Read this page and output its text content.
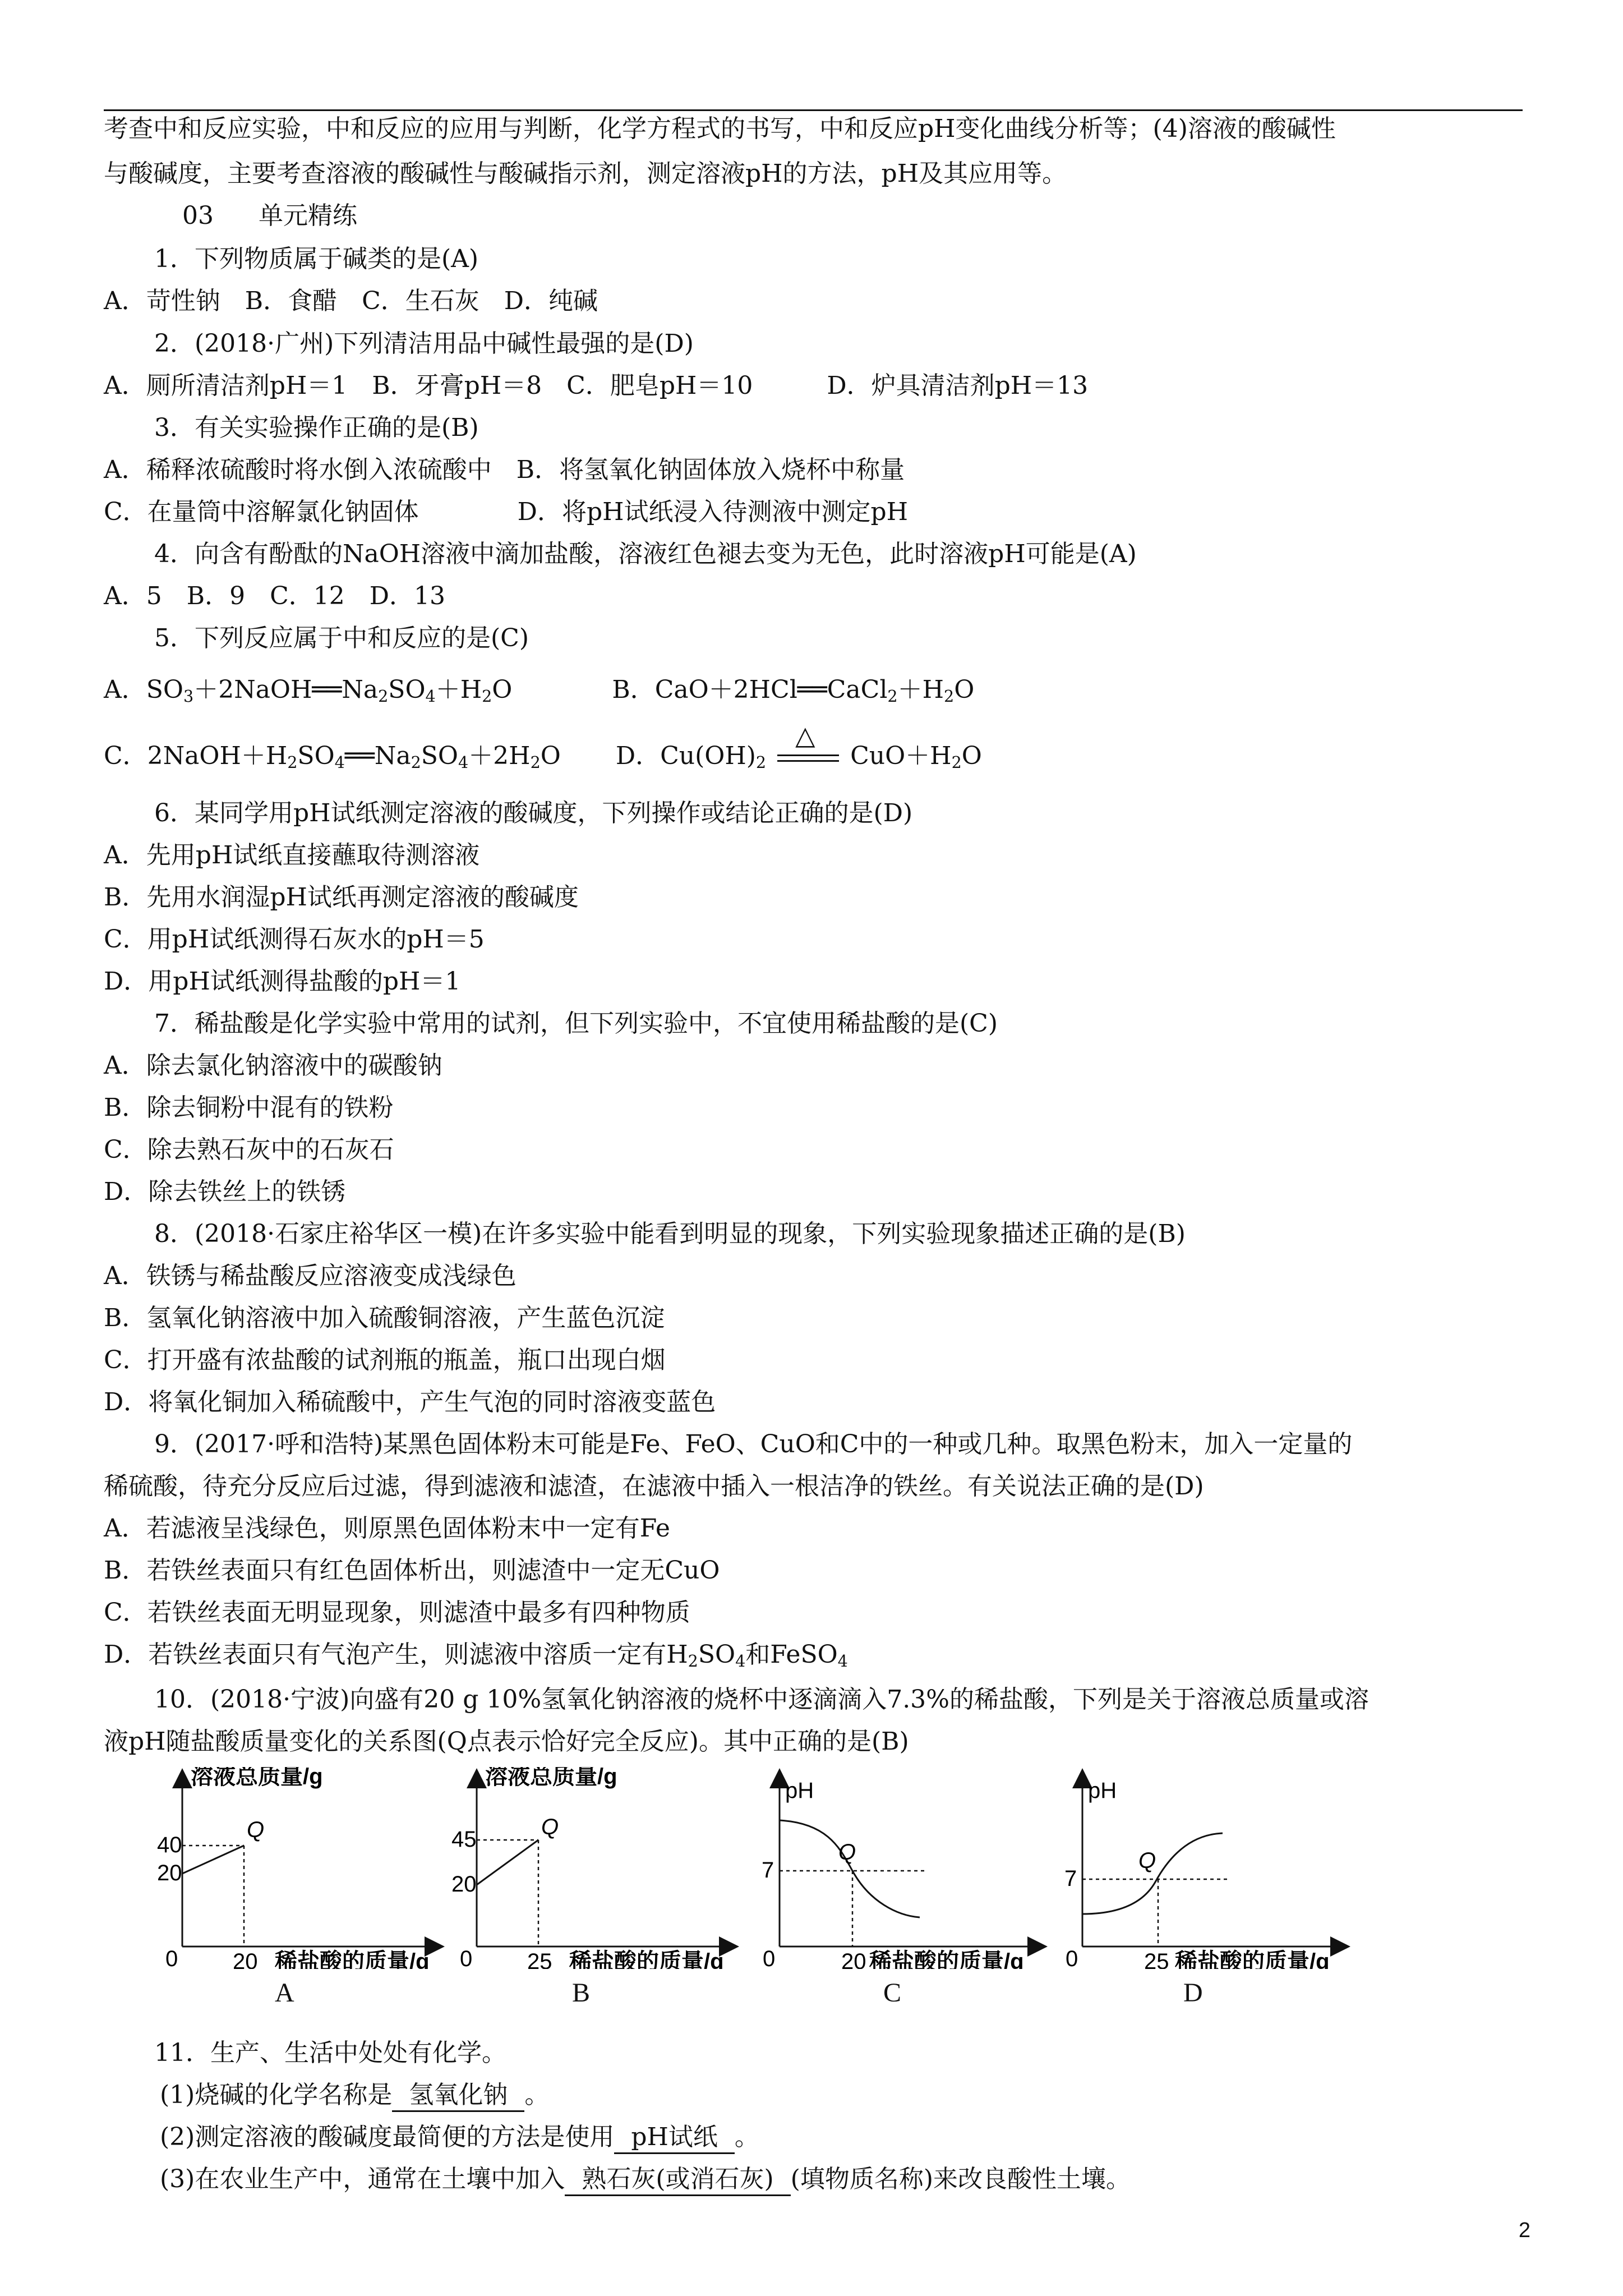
考查中和反应实验，中和反应的应用与判断，化学方程式的书写，中和反应pH变化曲线分析等；(4)溶液的酸碱性
与酸碱度，主要考查溶液的酸碱性与酸碱指示剂，测定溶液pH的方法，pH及其应用等。
03 单元精练
1．下列物质属于碱类的是(A)
A．苛性钠　B．食醋　C．生石灰　D．纯碱
2．(2018·广州)下列清洁用品中碱性最强的是(D)
A．厕所清洁剂pH＝1　B．牙膏pH＝8　C．肥皂pH＝10　　　D．炉具清洁剂pH＝13
3．有关实验操作正确的是(B)
A．稀释浓硫酸时将水倒入浓硫酸中　B．将氢氧化钠固体放入烧杯中称量
C．在量筒中溶解氯化钠固体　　　　D．将pH试纸浸入待测液中测定pH
4．向含有酚酞的NaOH溶液中滴加盐酸，溶液红色褪去变为无色，此时溶液pH可能是(A)
A．5　B．9　C．12　D．13
5．下列反应属于中和反应的是(C)
A．$SO_3+2NaOH══Na_2SO_4+H_2O$	B．$CaO+2HCl══CaCl_2+H_2O$
C．$2NaOH+H_2SO_4══Na_2SO_4+2H_2O$ D．$Cu(OH)_2$
△
$CuO+H_2O$
6．某同学用pH试纸测定溶液的酸碱度，下列操作或结论正确的是(D)
A．先用pH试纸直接蘸取待测溶液
B．先用水润湿pH试纸再测定溶液的酸碱度
C．用pH试纸测得石灰水的pH＝5
D．用pH试纸测得盐酸的pH＝1
7．稀盐酸是化学实验中常用的试剂，但下列实验中，不宜使用稀盐酸的是(C)
A．除去氯化钠溶液中的碳酸钠
B．除去铜粉中混有的铁粉
C．除去熟石灰中的石灰石
D．除去铁丝上的铁锈
8．(2018·石家庄裕华区一模)在许多实验中能看到明显的现象，下列实验现象描述正确的是(B)
A．铁锈与稀盐酸反应溶液变成浅绿色
B．氢氧化钠溶液中加入硫酸铜溶液，产生蓝色沉淀
C．打开盛有浓盐酸的试剂瓶的瓶盖，瓶口出现白烟
D．将氧化铜加入稀硫酸中，产生气泡的同时溶液变蓝色
9．(2017·呼和浩特)某黑色固体粉末可能是Fe、FeO、CuO和C中的一种或几种。取黑色粉末，加入一定量的
稀硫酸，待充分反应后过滤，得到滤液和滤渣，在滤液中插入一根洁净的铁丝。有关说法正确的是(D)
A．若滤液呈浅绿色，则原黑色固体粉末中一定有Fe
B．若铁丝表面只有红色固体析出，则滤渣中一定无CuO
C．若铁丝表面无明显现象，则滤渣中最多有四种物质
D．若铁丝表面只有气泡产生，则滤液中溶质一定有$H_2SO_4$和FeSO$_4$
10．(2018·宁波)向盛有20 g 10%氢氧化钠溶液的烧杯中逐滴滴入7.3%的稀盐酸，下列是关于溶液总质量或溶
液pH随盐酸质量变化的关系图(Q点表示恰好完全反应)。其中正确的是(B)
溶液总质量/g
40
20
Q
0 20 稀盐酸的质量/g
A
溶液总质量/g
45
20
Q
0 25 稀盐酸的质量/g
B
pH
7
Q
0	20 稀盐酸的质量/g
C
pH
7
Q
0	25 稀盐酸的质量/g
D
11．生产、生活中处处有化学。
(1)烧碱的化学名称是 氢氧化钠 。
(2)测定溶液的酸碱度最简便的方法是使用 pH试纸 。
(3)在农业生产中，通常在土壤中加入 熟石灰(或消石灰) (填物质名称)来改良酸性土壤。
2
